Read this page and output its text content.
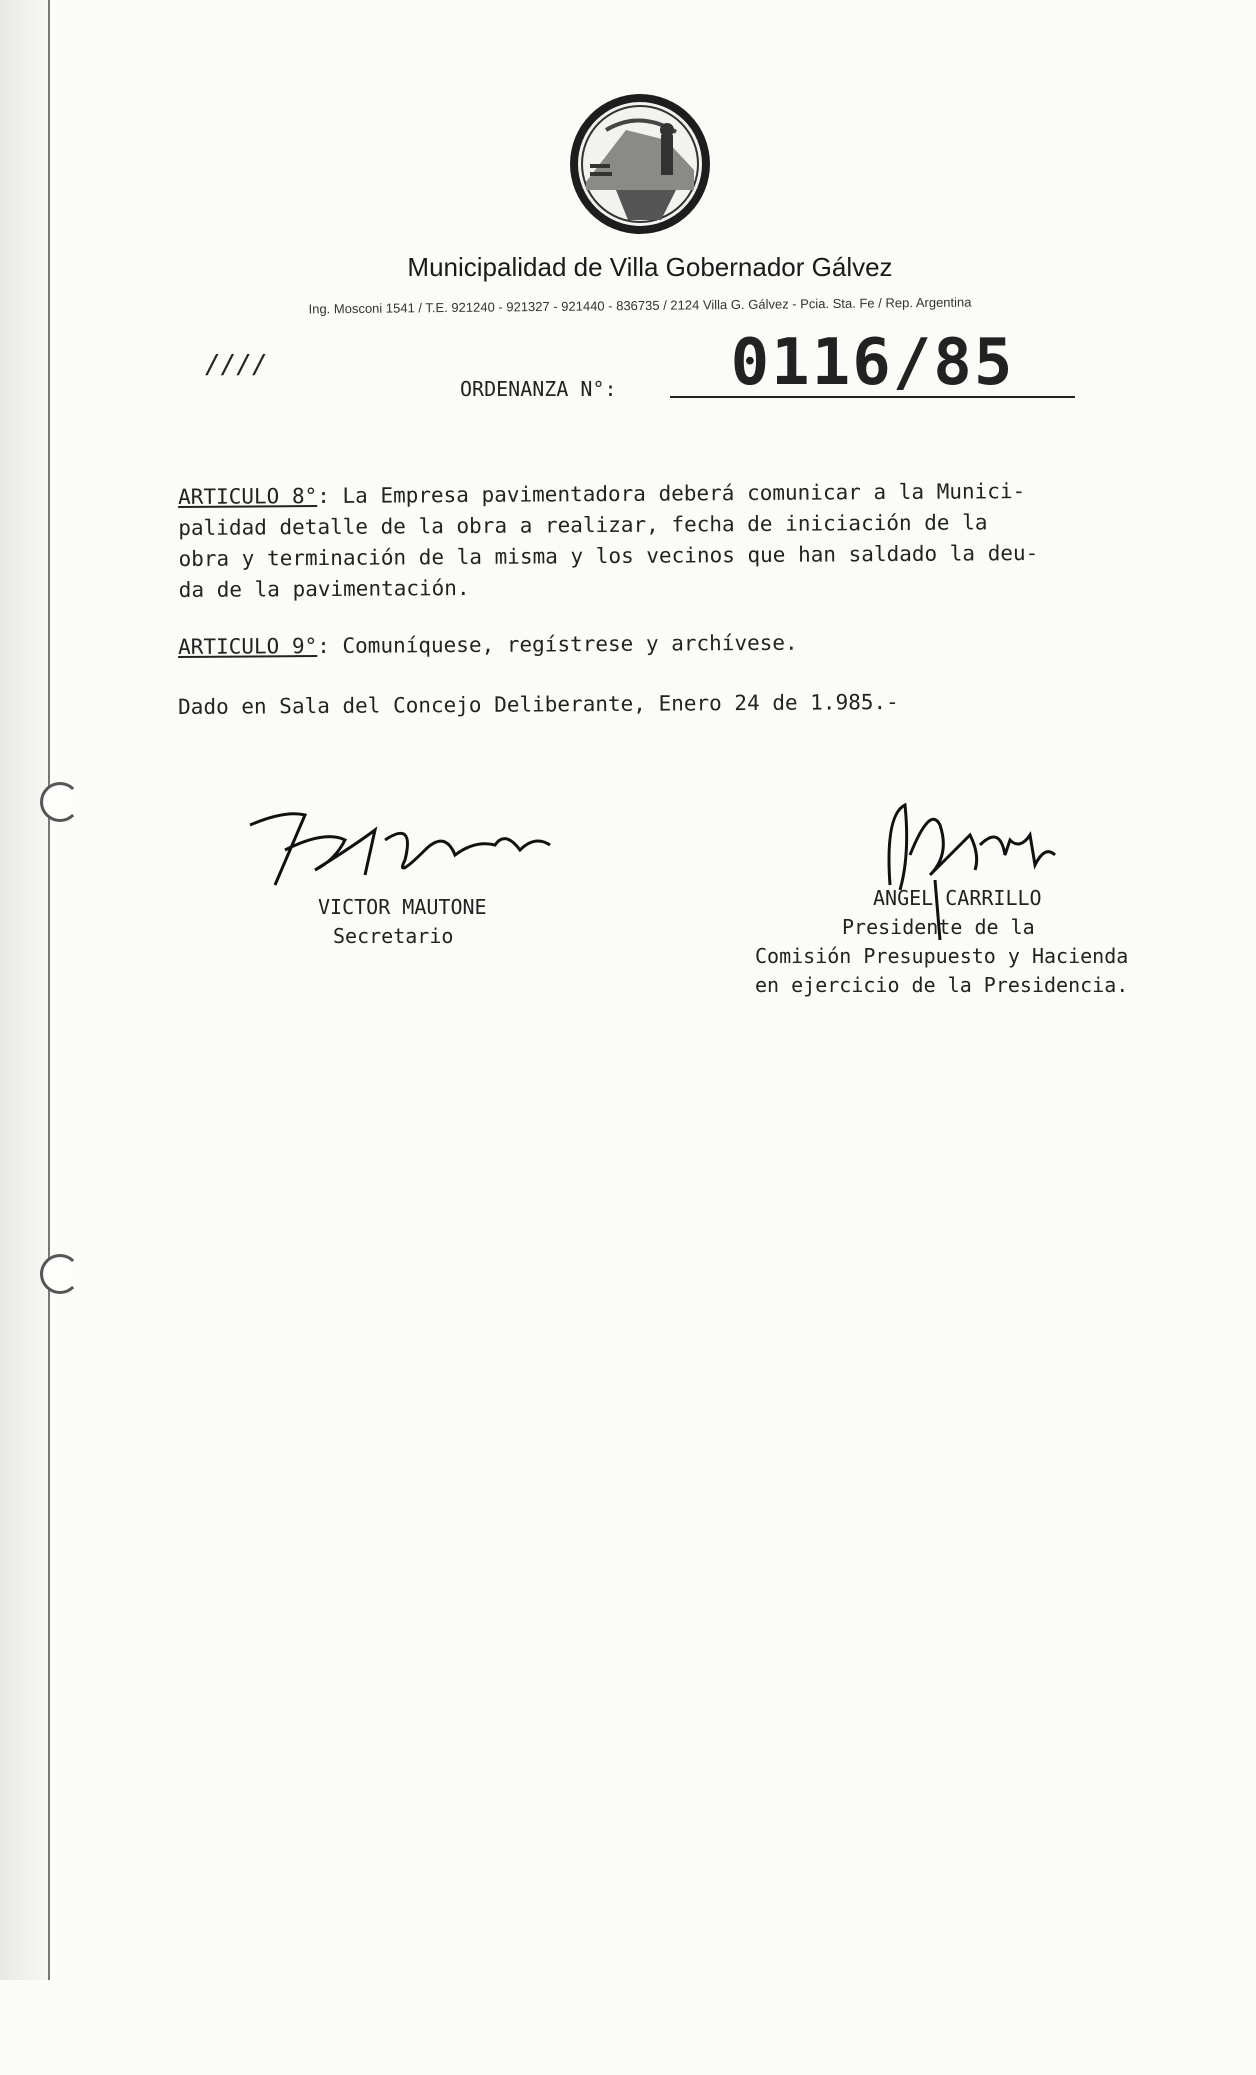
Municipalidad de Villa Gobernador Gálvez
Ing. Mosconi 1541 / T.E. 921240 - 921327 - 921440 - 836735 / 2124 Villa G. Gálvez - Pcia. Sta. Fe / Rep. Argentina
////
ORDENANZA N°:	0116/85
ARTICULO 8°: La Empresa pavimentadora deberá comunicar a la Munici-
palidad detalle de la obra a realizar, fecha de iniciación de la
obra y terminación de la misma y los vecinos que han saldado la deu-
da de la pavimentación.
ARTICULO 9°: Comuníquese, regístrese y archívese.
Dado en Sala del Concejo Deliberante, Enero 24 de 1.985.-
VICTOR MAUTONE
Secretario
ANGEL CARRILLO
Presidente de la
Comisión Presupuesto y Hacienda
en ejercicio de la Presidencia.
